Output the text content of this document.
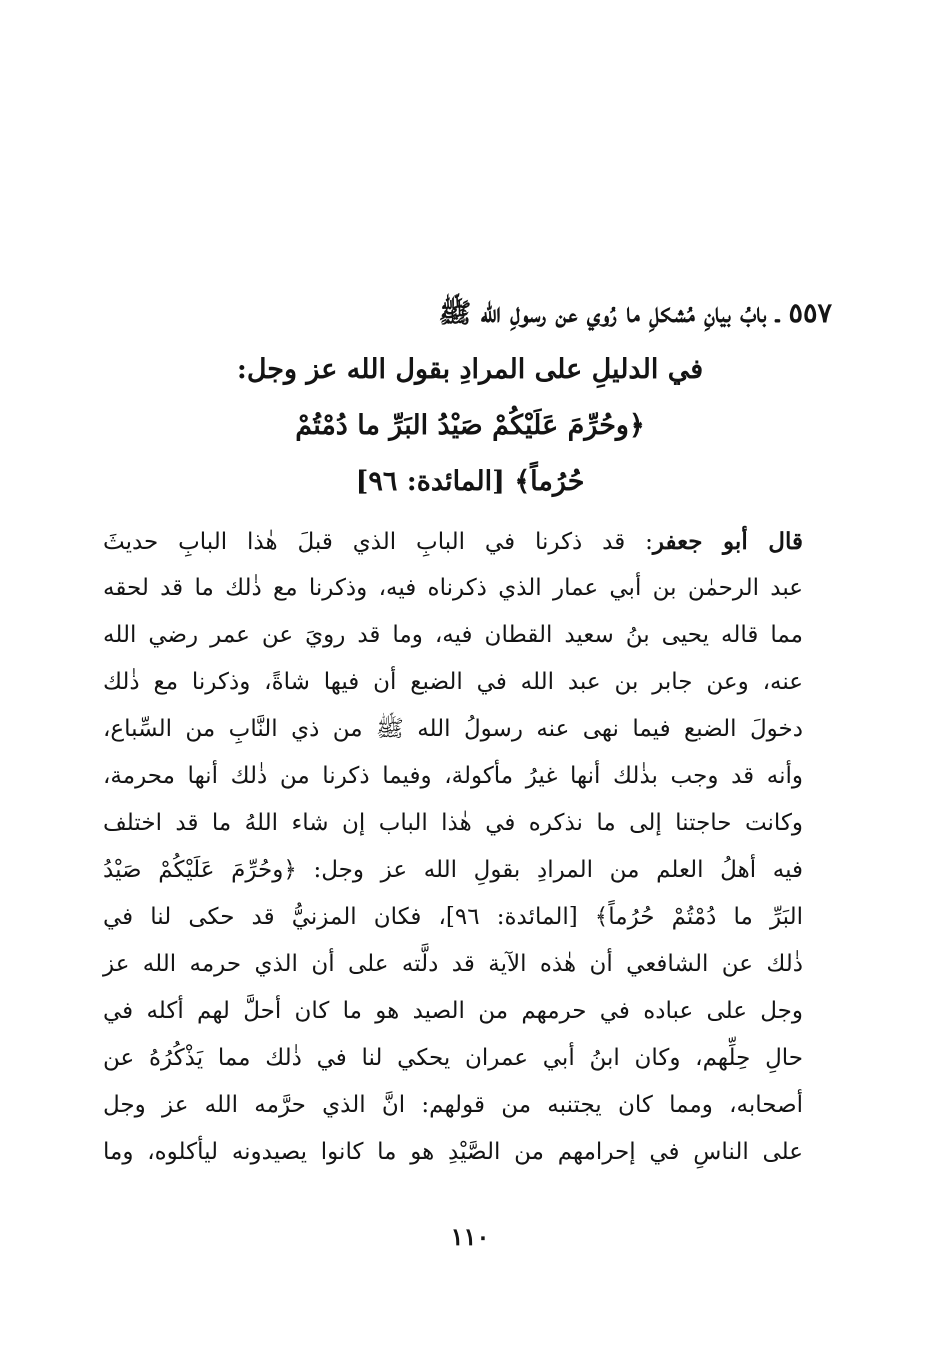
٥٥٧ ـ بابُ بيانِ مُشكلِ ما رُوي عن رسولِ الله ﷺ
في الدليلِ على المرادِ بقول الله عز وجل:
﴿وحُرِّمَ عَلَيْكُمْ صَيْدُ البَرِّ ما دُمْتُمْ
حُرُماً﴾ [المائدة: ٩٦]
قال أبو جعفر: قد ذكرنا في البابِ الذي قبلَ هٰذا البابِ حديثَ
عبد الرحمٰن بن أبي عمار الذي ذكرناه فيه، وذكرنا مع ذٰلك ما قد لحقه
مما قاله يحيى بنُ سعيد القطان فيه، وما قد رويَ عن عمر رضي الله
عنه، وعن جابر بن عبد الله في الضبع أن فيها شاةً، وذكرنا مع ذٰلك
دخولَ الضبع فيما نهى عنه رسولُ الله ﷺ من ذي النَّابِ من السِّباع،
وأنه قد وجب بذٰلك أنها غيرُ مأكولة، وفيما ذكرنا من ذٰلك أنها محرمة،
وكانت حاجتنا إلى ما نذكره في هٰذا الباب إن شاء اللهُ ما قد اختلف
فيه أهلُ العلم من المرادِ بقولِ الله عز وجل: ﴿وحُرِّمَ عَلَيْكُمْ صَيْدُ
البَرِّ ما دُمْتُمْ حُرُماً﴾ [المائدة: ٩٦]، فكان المزنيُّ قد حكى لنا في
ذٰلك عن الشافعي أن هٰذه الآية قد دلَّته على أن الذي حرمه الله عز
وجل على عباده في حرمهم من الصيد هو ما كان أحلَّ لهم أكله في
حالِ حِلِّهم، وكان ابنُ أبي عمران يحكي لنا في ذٰلك مما يَذْكُرُهُ عن
أصحابه، ومما كان يجتنبه من قولهم: انَّ الذي حرَّمه الله عز وجل
على الناسِ في إحرامهم من الصَّيْدِ هو ما كانوا يصيدونه ليأكلوه، وما
١١٠
